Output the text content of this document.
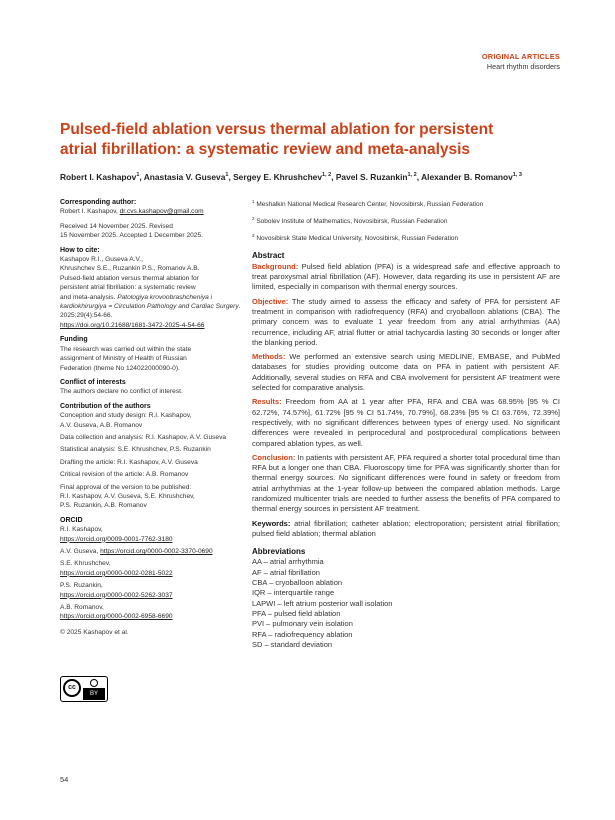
ORIGINAL ARTICLES
Heart rhythm disorders
Pulsed-field ablation versus thermal ablation for persistent atrial fibrillation: a systematic review and meta-analysis
Robert I. Kashapov$^1$, Anastasia V. Guseva$^1$, Sergey E. Khrushchev$^{1, 2}$, Pavel S. Ruzankin$^{1, 2}$, Alexander B. Romanov$^{1, 3}$
Corresponding author:
Robert I. Kashapov, dr.cvs.kashapov@gmail.com
Received 14 November 2025. Revised
15 November 2025. Accepted 1 December 2025.
How to cite:
Kashapov R.I., Guseva A.V.,
Khrushchev S.E., Ruzankin P.S., Romanov A.B.
Pulsed-field ablation versus thermal ablation for
persistent atrial fibrillation: a systematic review
and meta-analysis. Patologiya krovoobrashcheniya i kardiokhirurgiya = Circulation Pathology and Cardiac Surgery. 2025;29(4):54-66.
https://doi.org/10.21688/1681-3472-2025-4-54-66
Funding
The research was carried out within the state
assignment of Ministry of Health of Russian
Federation (theme No 124022000090-0).
Conflict of interests
The authors declare no conflict of interest.
Contribution of the authors
Conception and study design: R.I. Kashapov,
A.V. Guseva, A.B. Romanov
Data collection and analysis: R.I. Kashapov, A.V. Guseva
Statistical analysis: S.E. Khrushchev, P.S. Ruzankin
Drafting the article: R.I. Kashapov, A.V. Guseva
Critical revision of the article: A.B. Romanov
Final approval of the version to be published:
R.I. Kashapov, A.V. Guseva, S.E. Khrushchev,
P.S. Ruzankin, A.B. Romanov
ORCID
R.I. Kashapov,
https://orcid.org/0009-0001-7762-3180
A.V. Guseva, https://orcid.org/0000-0002-3370-0690
S.E. Khrushchev,
https://orcid.org/0000-0002-0281-5022
P.S. Ruzankin,
https://orcid.org/0000-0002-5262-3037
A.B. Romanov,
https://orcid.org/0000-0002-6958-6690
© 2025 Kashapov et al.
cc
BY
$^1$ Meshalkin National Medical Research Center, Novosibirsk, Russian Federation
$^2$ Sobolev Institute of Mathematics, Novosibirsk, Russian Federation
$^3$ Novosibirsk State Medical University, Novosibirsk, Russian Federation
Abstract
Background: Pulsed field ablation (PFA) is a widespread safe and effective approach to treat paroxysmal atrial fibrillation (AF). However, data regarding its use in persistent AF are limited, especially in comparison with thermal energy sources.
Objective: The study aimed to assess the efficacy and safety of PFA for persistent AF treatment in comparison with radiofrequency (RFA) and cryoballoon ablations (CBA). The primary concern was to evaluate 1 year freedom from any atrial arrhythmias (AA) recurrence, including AF, atrial flutter or atrial tachycardia lasting 30 seconds or longer after the blanking period.
Methods: We performed an extensive search using MEDLINE, EMBASE, and PubMed databases for studies providing outcome data on PFA in patient with persistent AF. Additionally, several studies on RFA and CBA involvement for persistent AF treatment were selected for comparative analysis.
Results: Freedom from AA at 1 year after PFA, RFA and CBA was 68.95% [95 % CI 62.72%, 74.57%], 61.72% [95 % CI 51.74%, 70.79%], 68.23% [95 % CI 63.76%, 72.39%] respectively, with no significant differences between types of energy used. No significant differences were revealed in periprocedural and postprocedural complications between compared ablation types, as well.
Conclusion: In patients with persistent AF, PFA required a shorter total procedural time than RFA but a longer one than CBA. Fluoroscopy time for PFA was significantly shorter than for thermal energy sources. No significant differences were found in safety or freedom from atrial arrhythmias at the 1-year follow-up between the compared ablation methods. Large randomized multicenter trials are needed to further assess the benefits of PFA compared to thermal energy sources in persistent AF treatment.
Keywords: atrial fibrillation; catheter ablation; electroporation; persistent atrial fibrillation; pulsed field ablation; thermal ablation
Abbreviations
AA – atrial arrhythmia
AF – atrial fibrillation
CBA – cryoballoon ablation
IQR – interquartile range
LAPWI – left atrium posterior wall isolation
PFA – pulsed field ablation
PVI – pulmonary vein isolation
RFA – radiofrequency ablation
SD – standard deviation
54
